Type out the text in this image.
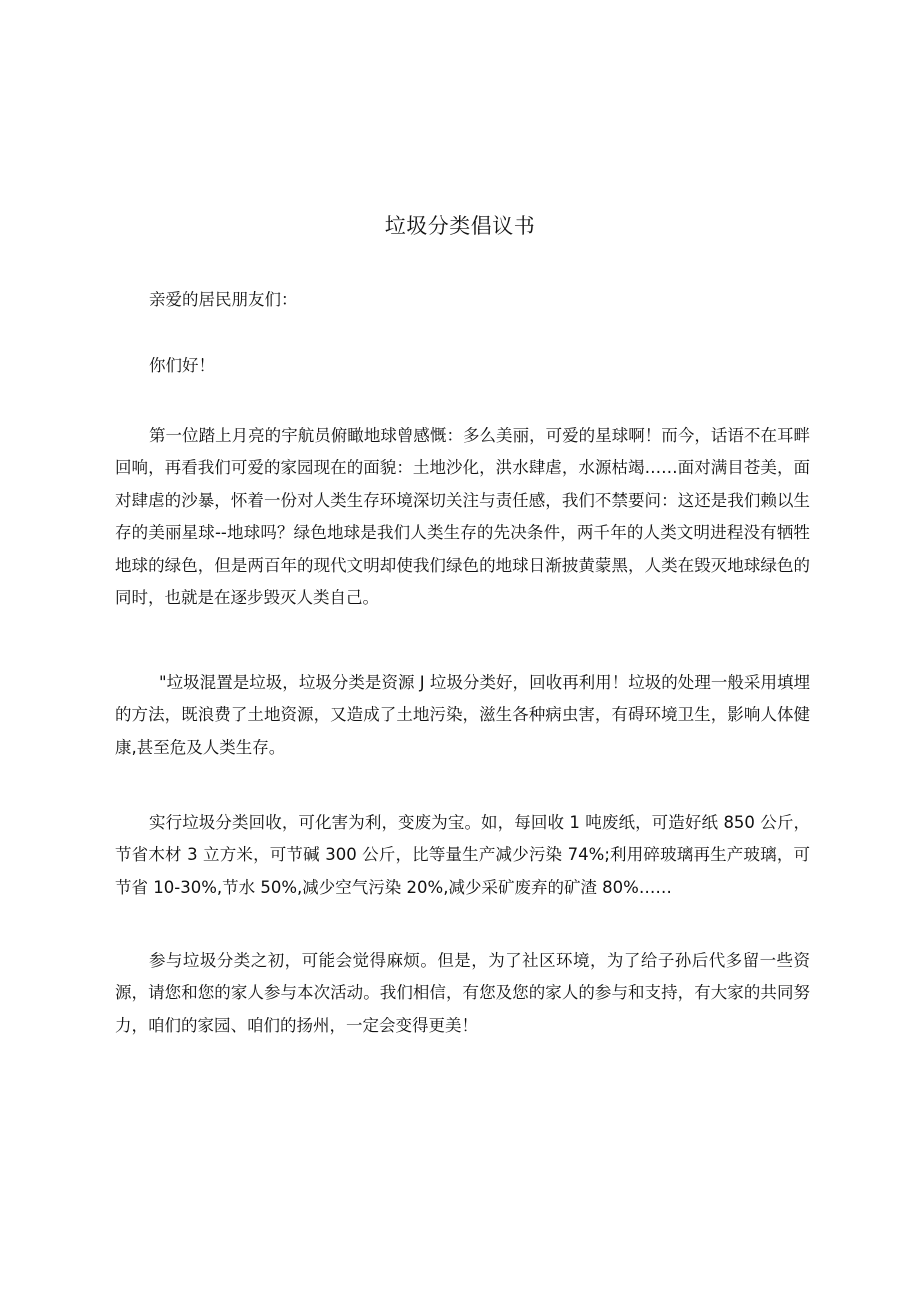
垃圾分类倡议书

亲爱的居民朋友们：

你们好！

第一位踏上月亮的宇航员俯瞰地球曾感慨：多么美丽，可爱的星球啊！而今，话语不在耳畔回响，再看我们可爱的家园现在的面貌：土地沙化，洪水肆虐，水源枯竭……面对满目苍美，面对肆虐的沙暴，怀着一份对人类生存环境深切关注与责任感，我们不禁要问：这还是我们赖以生存的美丽星球--地球吗？绿色地球是我们人类生存的先决条件，两千年的人类文明进程没有牺牲地球的绿色，但是两百年的现代文明却使我们绿色的地球日渐披黄蒙黑，人类在毁灭地球绿色的同时，也就是在逐步毁灭人类自己。

"垃圾混置是垃圾，垃圾分类是资源 J 垃圾分类好，回收再利用！垃圾的处理一般采用填埋的方法，既浪费了土地资源，又造成了土地污染，滋生各种病虫害，有碍环境卫生，影响人体健康,甚至危及人类生存。

实行垃圾分类回收，可化害为利，变废为宝。如，每回收 1 吨废纸，可造好纸 850 公斤，节省木材 3 立方米，可节碱 300 公斤，比等量生产减少污染 74%;利用碎玻璃再生产玻璃，可节省 10-30%,节水 50%,减少空气污染 20%,减少采矿废弃的矿渣 80%……

参与垃圾分类之初，可能会觉得麻烦。但是，为了社区环境，为了给子孙后代多留一些资源，请您和您的家人参与本次活动。我们相信，有您及您的家人的参与和支持，有大家的共同努力，咱们的家园、咱们的扬州，一定会变得更美！
